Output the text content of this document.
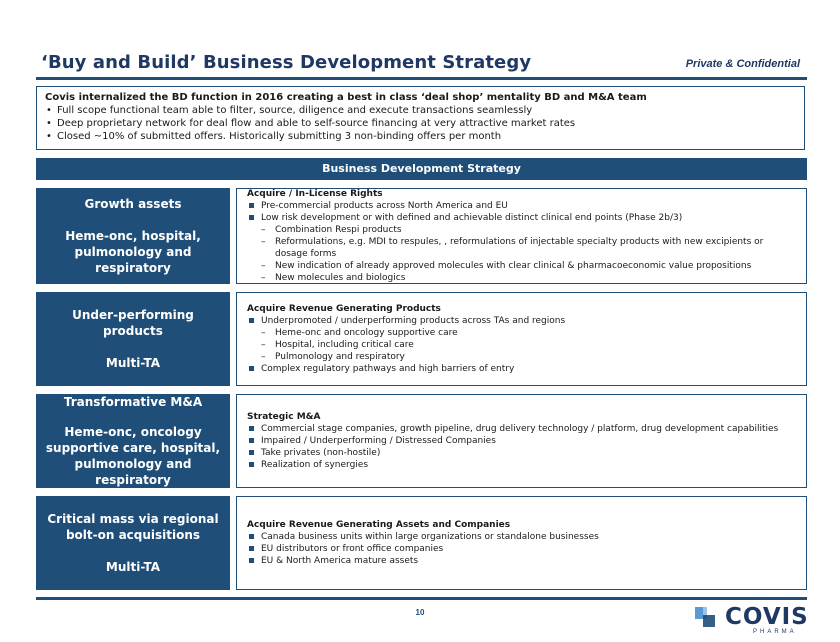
‘Buy and Build’ Business Development Strategy	Private & Confidential
Covis internalized the BD function in 2016 creating a best in class ‘deal shop’ mentality BD and M&A team
• Full scope functional team able to filter, source, diligence and execute transactions seamlessly
• Deep proprietary network for deal flow and able to self-source financing at very attractive market rates
• Closed ~10% of submitted offers. Historically submitting 3 non-binding offers per month
Business Development Strategy
Growth assets
Heme-onc, hospital, pulmonology and respiratory
Acquire / In-License Rights
Pre-commercial products across North America and EU
Low risk development or with defined and achievable distinct clinical end points (Phase 2b/3)
– Combination Respi products
– Reformulations, e.g. MDI to respules, , reformulations of injectable specialty products with new excipients or dosage forms
– New indication of already approved molecules with clear clinical & pharmacoeconomic value propositions
– New molecules and biologics
Under-performing products
Multi-TA
Acquire Revenue Generating Products
Underpromoted / underperforming products across TAs and regions
– Heme-onc and oncology supportive care
– Hospital, including critical care
– Pulmonology and respiratory
Complex regulatory pathways and high barriers of entry
Transformative M&A
Heme-onc, oncology supportive care, hospital, pulmonology and respiratory
Strategic M&A
Commercial stage companies, growth pipeline, drug delivery technology / platform, drug development capabilities
Impaired / Underperforming / Distressed Companies
Take privates (non-hostile)
Realization of synergies
Critical mass via regional bolt-on acquisitions
Multi-TA
Acquire Revenue Generating Assets and Companies
Canada business units within large organizations or standalone businesses
EU distributors or front office companies
EU & North America mature assets
10	COVIS
PHARMA
